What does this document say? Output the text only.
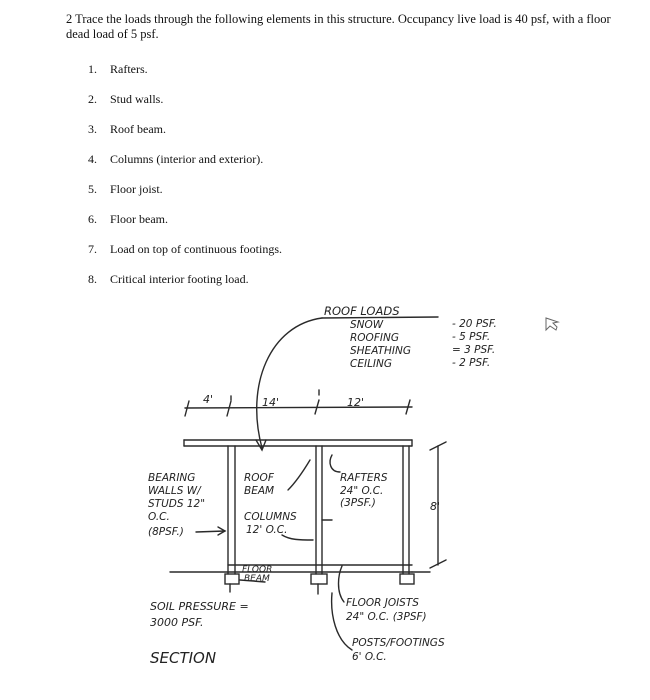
2 Trace the loads through the following elements in this structure. Occupancy live load is 40 psf, with a floor dead load of 5 psf.
1.	Rafters.
2.	Stud walls.
3.	Roof beam.
4.	Columns (interior and exterior).
5.	Floor joist.
6.	Floor beam.
7.	Load on top of continuous footings.
8.	Critical interior footing load.
ROOF LOADS
SNOW	- 20 PSF.
ROOFING	- 5 PSF.
SHEATHING	= 3 PSF.
CEILING	- 2 PSF.
4'	14'	12'
BEARING
WALLS W/
STUDS 12"
O.C.
(8PSF.)
ROOF
BEAM
COLUMNS
12' O.C.
RAFTERS
24" O.C.
(3PSF.)	8'
FLOOR
BEAM
SOIL PRESSURE =
3000 PSF.
SECTION
FLOOR JOISTS
24" O.C. (3PSF)
POSTS/FOOTINGS
6' O.C.
